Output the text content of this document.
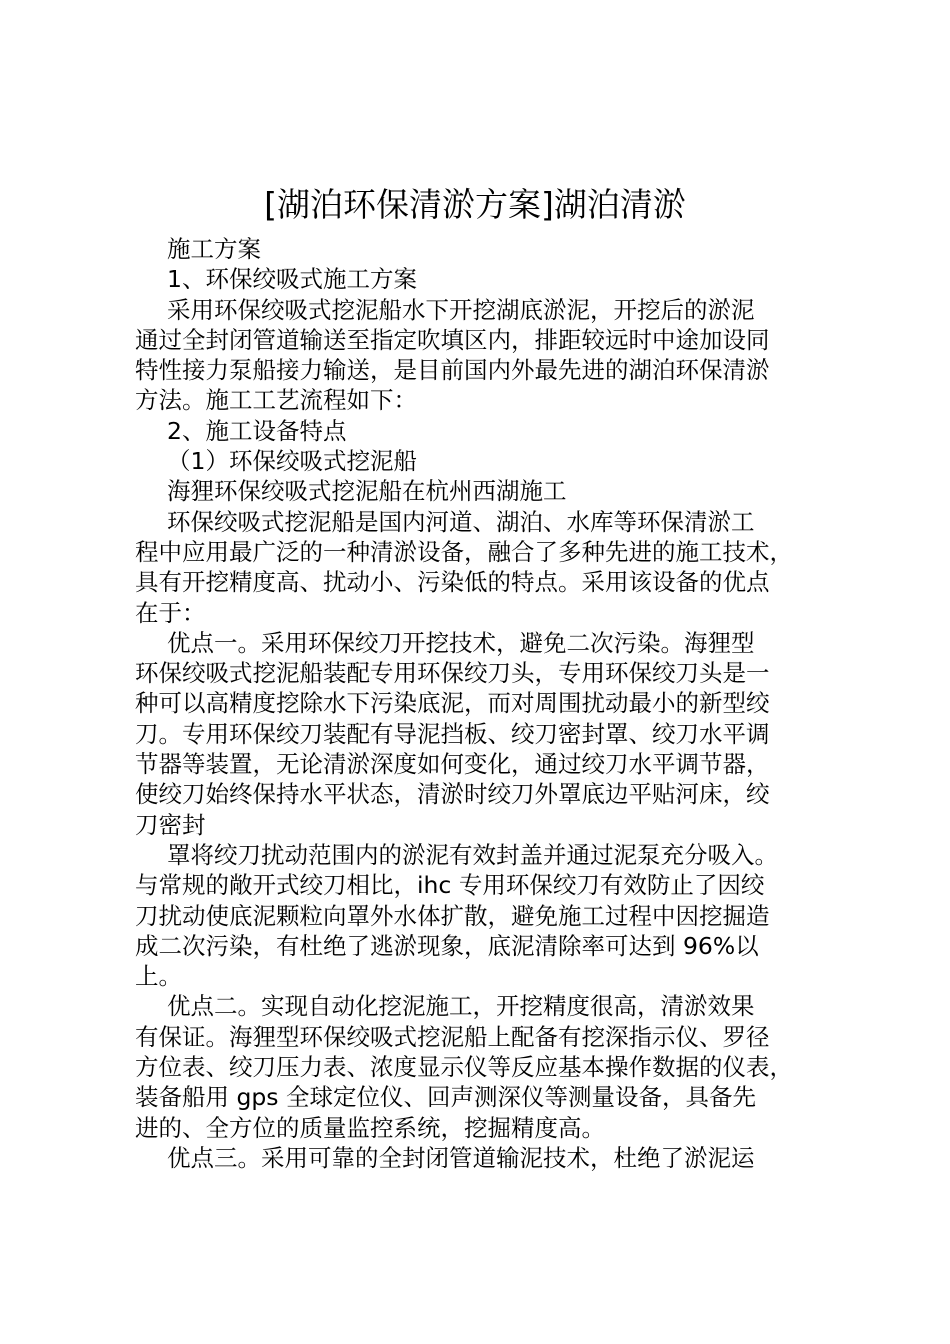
[湖泊环保清淤方案]湖泊清淤
施工方案
1、环保绞吸式施工方案
采用环保绞吸式挖泥船水下开挖湖底淤泥，开挖后的淤泥
通过全封闭管道输送至指定吹填区内，排距较远时中途加设同
特性接力泵船接力输送，是目前国内外最先进的湖泊环保清淤
方法。施工工艺流程如下：
2、施工设备特点
（1）环保绞吸式挖泥船
海狸环保绞吸式挖泥船在杭州西湖施工
环保绞吸式挖泥船是国内河道、湖泊、水库等环保清淤工
程中应用最广泛的一种清淤设备，融合了多种先进的施工技术，
具有开挖精度高、扰动小、污染低的特点。采用该设备的优点
在于：
优点一。采用环保绞刀开挖技术，避免二次污染。海狸型
环保绞吸式挖泥船装配专用环保绞刀头，专用环保绞刀头是一
种可以高精度挖除水下污染底泥，而对周围扰动最小的新型绞
刀。专用环保绞刀装配有导泥挡板、绞刀密封罩、绞刀水平调
节器等装置，无论清淤深度如何变化，通过绞刀水平调节器，
使绞刀始终保持水平状态，清淤时绞刀外罩底边平贴河床，绞
刀密封
罩将绞刀扰动范围内的淤泥有效封盖并通过泥泵充分吸入。
与常规的敞开式绞刀相比，ihc 专用环保绞刀有效防止了因绞
刀扰动使底泥颗粒向罩外水体扩散，避免施工过程中因挖掘造
成二次污染，有杜绝了逃淤现象，底泥清除率可达到 96%以
上。
优点二。实现自动化挖泥施工，开挖精度很高，清淤效果
有保证。海狸型环保绞吸式挖泥船上配备有挖深指示仪、罗径
方位表、绞刀压力表、浓度显示仪等反应基本操作数据的仪表，
装备船用 gps 全球定位仪、回声测深仪等测量设备，具备先
进的、全方位的质量监控系统，挖掘精度高。
优点三。采用可靠的全封闭管道输泥技术，杜绝了淤泥运
